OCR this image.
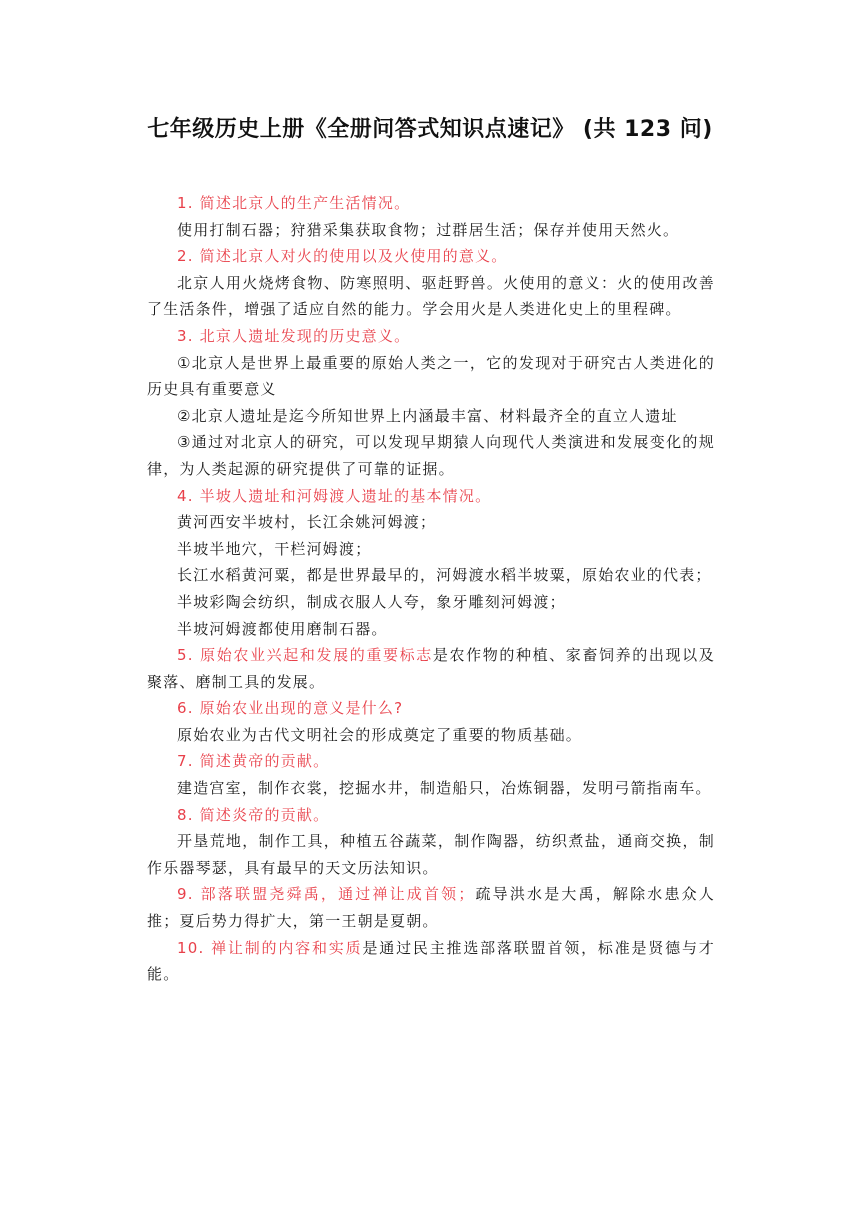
七年级历史上册《全册问答式知识点速记》 (共 123 问)

1. 简述北京人的生产生活情况。

使用打制石器；狩猎采集获取食物；过群居生活；保存并使用天然火。

2. 简述北京人对火的使用以及火使用的意义。

北京人用火烧烤食物、防寒照明、驱赶野兽。火使用的意义：火的使用改善了生活条件，增强了适应自然的能力。学会用火是人类进化史上的里程碑。

3. 北京人遗址发现的历史意义。

①北京人是世界上最重要的原始人类之一，它的发现对于研究古人类进化的历史具有重要意义

②北京人遗址是迄今所知世界上内涵最丰富、材料最齐全的直立人遗址

③通过对北京人的研究，可以发现早期猿人向现代人类演进和发展变化的规律，为人类起源的研究提供了可靠的证据。

4. 半坡人遗址和河姆渡人遗址的基本情况。

黄河西安半坡村，长江余姚河姆渡；

半坡半地穴，干栏河姆渡；

长江水稻黄河粟，都是世界最早的，河姆渡水稻半坡粟，原始农业的代表；

半坡彩陶会纺织，制成衣服人人夸，象牙雕刻河姆渡；

半坡河姆渡都使用磨制石器。

5. 原始农业兴起和发展的重要标志是农作物的种植、家畜饲养的出现以及聚落、磨制工具的发展。

6. 原始农业出现的意义是什么?

原始农业为古代文明社会的形成奠定了重要的物质基础。

7. 简述黄帝的贡献。

建造宫室，制作衣裳，挖掘水井，制造船只，冶炼铜器，发明弓箭指南车。

8. 简述炎帝的贡献。

开垦荒地，制作工具，种植五谷蔬菜，制作陶器，纺织煮盐，通商交换，制作乐器琴瑟，具有最早的天文历法知识。

9. 部落联盟尧舜禹，通过禅让成首领；疏导洪水是大禹，解除水患众人推；夏后势力得扩大，第一王朝是夏朝。

10. 禅让制的内容和实质是通过民主推选部落联盟首领，标准是贤德与才能。
